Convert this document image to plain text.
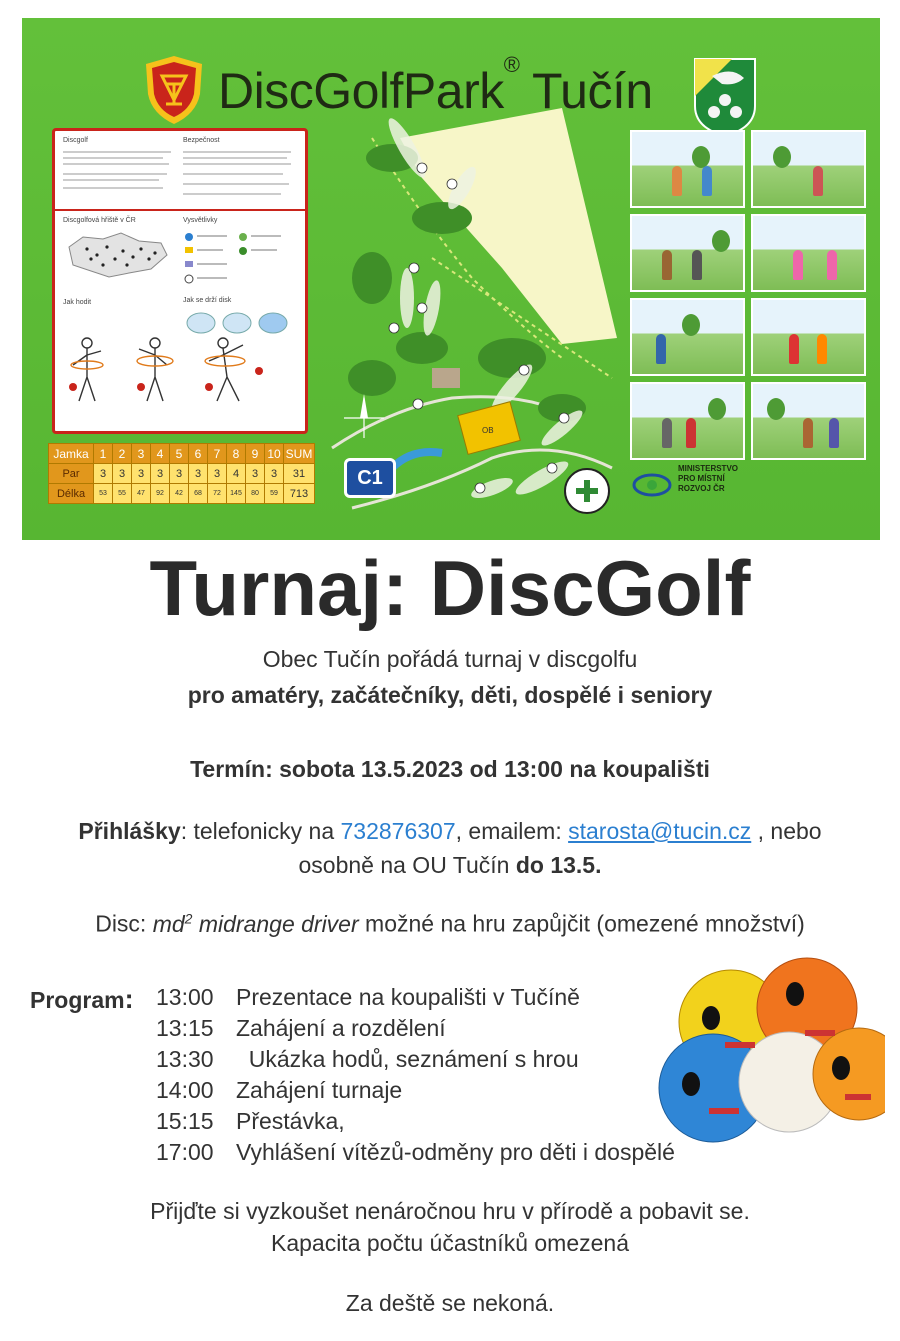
DiscGolfPark® Tučín
Discgolf	Bezpečnost
Discgolfová hřiště v ČR	Vysvětlivky
Jak se drží disk
Jak hodit
Jamka	1	2	3	4	5	6	7	8	9	10	SUM
Par	3	3	3	3	3	3	3	4	3	3	31
Délka	53	55	47	92	42	68	72	145	80	59	713
OB
C1	MINISTERSTVO
PRO MÍSTNÍ
ROZVOJ ČR
Turnaj: DiscGolf
Obec Tučín pořádá turnaj v discgolfu
pro amatéry, začátečníky, děti, dospělé i seniory
Termín: sobota 13.5.2023 od 13:00 na koupališti
Přihlášky: telefonicky na 732876307, emailem: starosta@tucin.cz , nebo
osobně na OU Tučín do 13.5.
Disc: $md^2$ midrange driver možné na hru zapůjčit (omezené množství)
Program: 13:00 Prezentace na koupališti v Tučíně
13:15 Zahájení a rozdělení
13:30  Ukázka hodů, seznámení s hrou
14:00 Zahájení turnaje
15:15 Přestávka,
17:00 Vyhlášení vítězů-odměny pro děti i dospělé
Přijďte si vyzkoušet nenáročnou hru v přírodě a pobavit se.
Kapacita počtu účastníků omezená
Za deště se nekoná.
